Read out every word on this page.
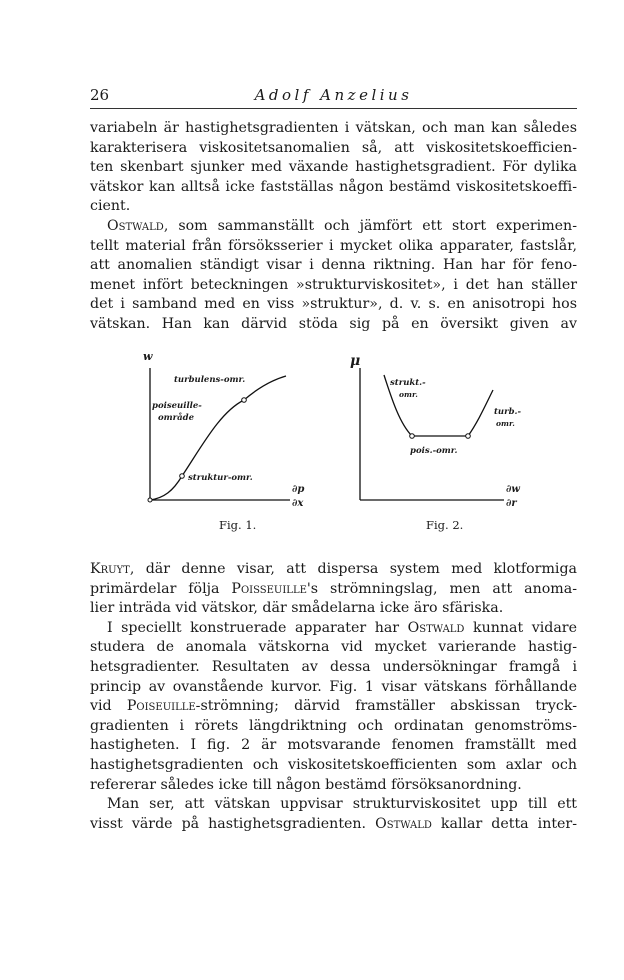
26	Adolf Anzelius
variabeln är hastighetsgradienten i vätskan, och man kan således
karakterisera viskositetsanomalien så, att viskositetskoefficien-
ten skenbart sjunker med växande hastighetsgradient. För dylika
vätskor kan alltså icke fastställas någon bestämd viskositetskoeffi-
cient.
Ostwald, som sammanställt och jämfört ett stort experimen-
tellt material från försöksserier i mycket olika apparater, fastslår,
att anomalien ständigt visar i denna riktning. Han har för feno-
menet infört beteckningen »strukturviskositet», i det han ställer
det i samband med en viss »struktur», d. v. s. en anisotropi hos
vätskan. Han kan därvid stöda sig på en översikt given av
w
turbulens-omr.
poiseuille-
område
struktur-omr.
∂p
∂x
Fig. 1.
μ
strukt.-
omr.
turb.-
omr.
pois.-omr.
∂w
∂r
Fig. 2.
Kruyt, där denne visar, att dispersa system med klotformiga
primärdelar följa Poisseuille's strömningslag, men att anoma-
lier inträda vid vätskor, där smådelarna icke äro sfäriska.
I speciellt konstruerade apparater har Ostwald kunnat vidare
studera de anomala vätskorna vid mycket varierande hastig-
hetsgradienter. Resultaten av dessa undersökningar framgå i
princip av ovanstående kurvor. Fig. 1 visar vätskans förhållande
vid Poiseuille-strömning; därvid framställer abskissan tryck-
gradienten i rörets längdriktning och ordinatan genomströms-
hastigheten. I fig. 2 är motsvarande fenomen framställt med
hastighetsgradienten och viskositetskoefficienten som axlar och
refererar således icke till någon bestämd försöksanordning.
Man ser, att vätskan uppvisar strukturviskositet upp till ett
visst värde på hastighetsgradienten. Ostwald kallar detta inter-
